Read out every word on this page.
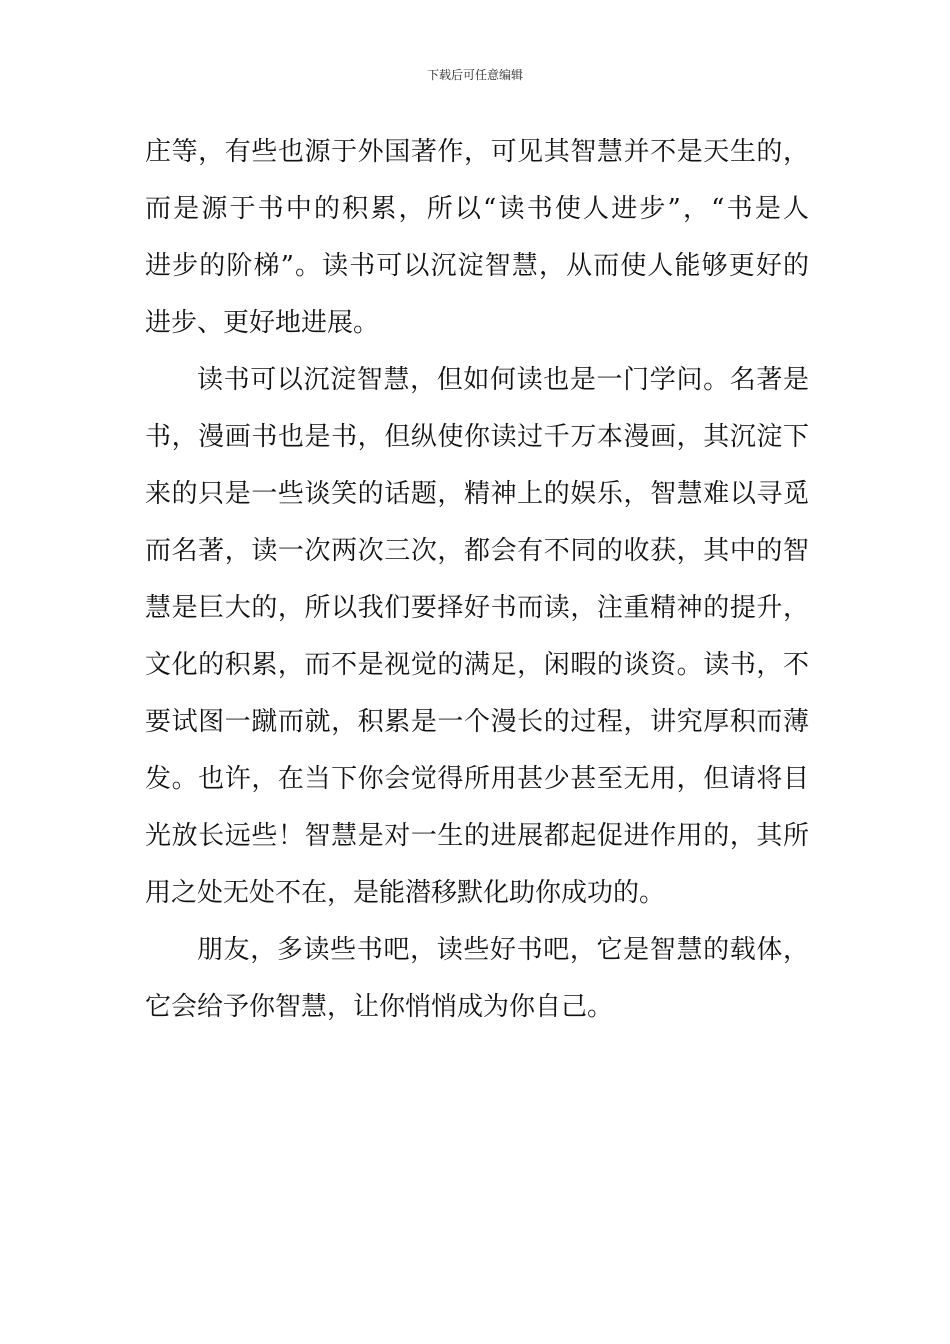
下载后可任意编辑
庄等，有些也源于外国著作，可见其智慧并不是天生的，
而是源于书中的积累，所以“读书使人进步”，“书是人
进步的阶梯”。读书可以沉淀智慧，从而使人能够更好的
进步、更好地进展。
读书可以沉淀智慧，但如何读也是一门学问。名著是
书，漫画书也是书，但纵使你读过千万本漫画，其沉淀下
来的只是一些谈笑的话题，精神上的娱乐，智慧难以寻觅
而名著，读一次两次三次，都会有不同的收获，其中的智
慧是巨大的，所以我们要择好书而读，注重精神的提升，
文化的积累，而不是视觉的满足，闲暇的谈资。读书，不
要试图一蹴而就，积累是一个漫长的过程，讲究厚积而薄
发。也许，在当下你会觉得所用甚少甚至无用，但请将目
光放长远些！智慧是对一生的进展都起促进作用的，其所
用之处无处不在，是能潜移默化助你成功的。
朋友，多读些书吧，读些好书吧，它是智慧的载体，
它会给予你智慧，让你悄悄成为你自己。
